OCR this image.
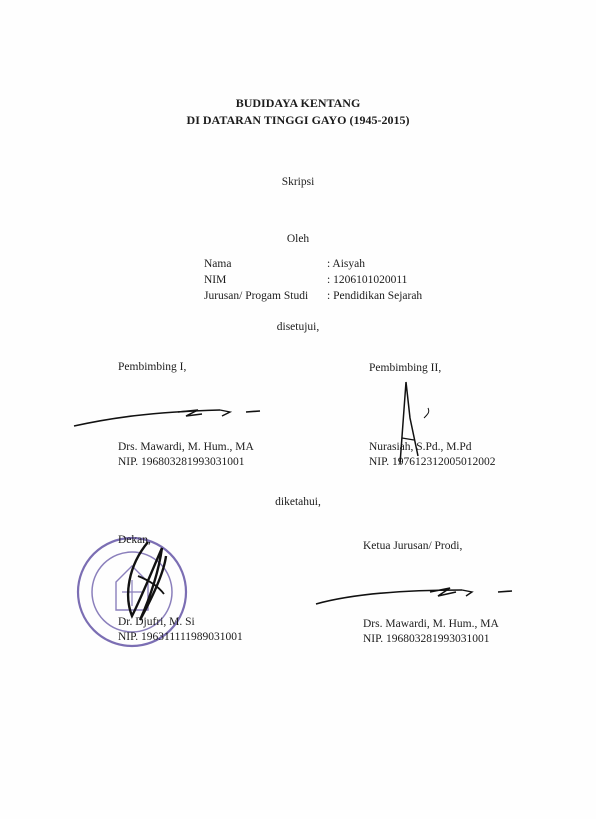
BUDIDAYA KENTANG
DI DATARAN TINGGI GAYO (1945-2015)
Skripsi
Oleh
Nama	: Aisyah
NIM	: 1206101020011
Jurusan/ Progam Studi : Pendidikan Sejarah
disetujui,
Pembimbing I,
Drs. Mawardi, M. Hum., MA
NIP. 196803281993031001
Pembimbing II,
Nurasiah, S.Pd., M.Pd
NIP. 197612312005012002
diketahui,
Dekan,
Dr. Djufri, M. Si
NIP. 196311111989031001
Ketua Jurusan/ Prodi,
Drs. Mawardi, M. Hum., MA
NIP. 196803281993031001
